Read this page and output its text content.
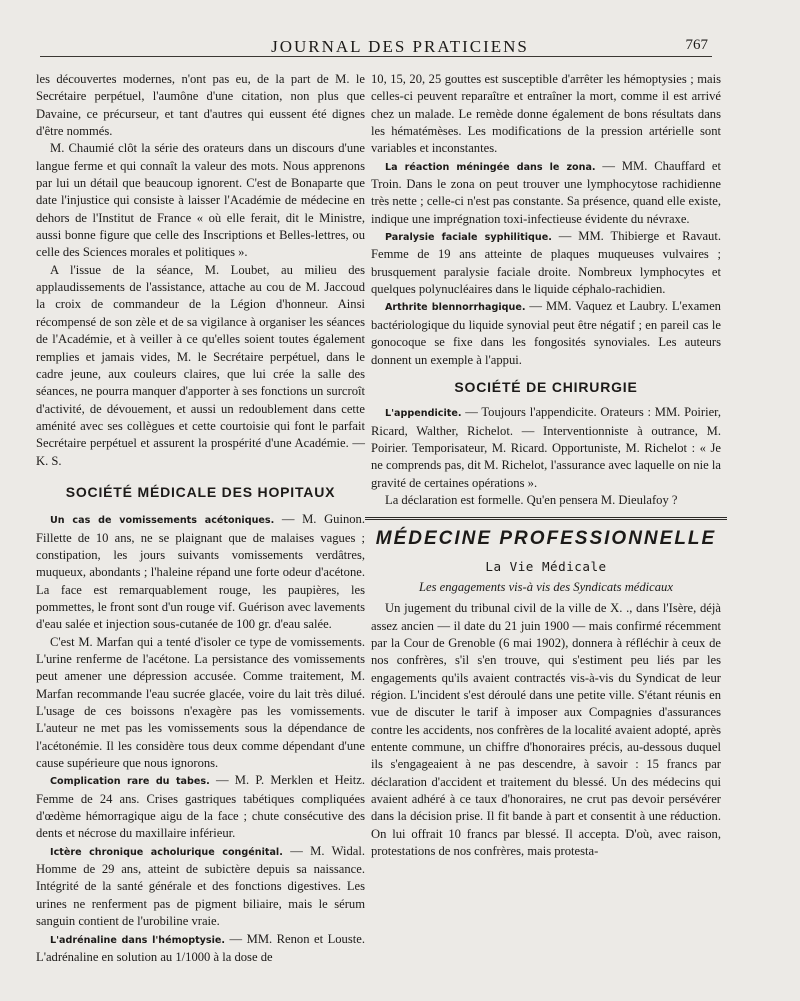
JOURNAL DES PRATICIENS	767

les découvertes modernes, n'ont pas eu, de la part de M. le Secrétaire perpétuel, l'aumône d'une citation, non plus que Davaine, ce précurseur, et tant d'autres qui eussent été dignes d'être nommés.

M. Chaumié clôt la série des orateurs dans un discours d'une langue ferme et qui connaît la valeur des mots. Nous apprenons par lui un détail que beaucoup ignorent. C'est de Bonaparte que date l'injustice qui consiste à laisser l'Académie de médecine en dehors de l'Institut de France « où elle ferait, dit le Ministre, aussi bonne figure que celle des Inscriptions et Belles-lettres, ou celle des Sciences morales et politiques ».

A l'issue de la séance, M. Loubet, au milieu des applaudissements de l'assistance, attache au cou de M. Jaccoud la croix de commandeur de la Légion d'honneur. Ainsi récompensé de son zèle et de sa vigilance à organiser les séances de l'Académie, et à veiller à ce qu'elles soient toutes également remplies et jamais vides, M. le Secrétaire perpétuel, dans le cadre jeune, aux couleurs claires, que lui crée la salle des séances, ne pourra manquer d'apporter à ses fonctions un surcroît d'activité, de dévouement, et aussi un redoublement dans cette aménité avec ses collègues et cette courtoisie qui font le parfait Secrétaire perpétuel et assurent la prospérité d'une Académie. — K. S.

SOCIÉTÉ MÉDICALE DES HOPITAUX

Un cas de vomissements acétoniques. — M. Guinon. Fillette de 10 ans, ne se plaignant que de malaises vagues ; constipation, les jours suivants vomissements verdâtres, muqueux, abondants ; l'haleine répand une forte odeur d'acétone. La face est remarquablement rouge, les paupières, les pommettes, le front sont d'un rouge vif. Guérison avec lavements d'eau salée et injection sous-cutanée de 100 gr. d'eau salée.

C'est M. Marfan qui a tenté d'isoler ce type de vomissements. L'urine renferme de l'acétone. La persistance des vomissements peut amener une dépression accusée. Comme traitement, M. Marfan recommande l'eau sucrée glacée, voire du lait très dilué. L'usage de ces boissons n'exagère pas les vomissements. L'auteur ne met pas les vomissements sous la dépendance de l'acétonémie. Il les considère tous deux comme dépendant d'une cause supérieure que nous ignorons.

Complication rare du tabes. — M. P. Merklen et Heitz. Femme de 24 ans. Crises gastriques tabétiques compliquées d'œdème hémorragique aigu de la face ; chute consécutive des dents et nécrose du maxillaire inférieur.

Ictère chronique acholurique congénital. — M. Widal. Homme de 29 ans, atteint de subictère depuis sa naissance. Intégrité de la santé générale et des fonctions digestives. Les urines ne renferment pas de pigment biliaire, mais le sérum sanguin contient de l'urobiline vraie.

L'adrénaline dans l'hémoptysie. — MM. Renon et Louste. L'adrénaline en solution au 1/1000 à la dose de

10, 15, 20, 25 gouttes est susceptible d'arrêter les hémoptysies ; mais celles-ci peuvent reparaître et entraîner la mort, comme il est arrivé chez un malade. Le remède donne également de bons résultats dans les hématémèses. Les modifications de la pression artérielle sont variables et inconstantes.

La réaction méningée dans le zona. — MM. Chauffard et Troin. Dans le zona on peut trouver une lymphocytose rachidienne très nette ; celle-ci n'est pas constante. Sa présence, quand elle existe, indique une imprégnation toxi-infectieuse évidente du névraxe.

Paralysie faciale syphilitique. — MM. Thibierge et Ravaut. Femme de 19 ans atteinte de plaques muqueuses vulvaires ; brusquement paralysie faciale droite. Nombreux lymphocytes et quelques polynucléaires dans le liquide céphalo-rachidien.

Arthrite blennorrhagique. — MM. Vaquez et Laubry. L'examen bactériologique du liquide synovial peut être négatif ; en pareil cas le gonocoque se fixe dans les fongosités synoviales. Les auteurs donnent un exemple à l'appui.

SOCIÉTÉ DE CHIRURGIE

L'appendicite. — Toujours l'appendicite. Orateurs : MM. Poirier, Ricard, Walther, Richelot. — Interventionniste à outrance, M. Poirier. Temporisateur, M. Ricard. Opportuniste, M. Richelot : « Je ne comprends pas, dit M. Richelot, l'assurance avec laquelle on nie la gravité de certaines opérations ».

La déclaration est formelle. Qu'en pensera M. Dieulafoy ?

MÉDECINE PROFESSIONNELLE
La Vie Médicale
Les engagements vis-à vis des Syndicats médicaux

Un jugement du tribunal civil de la ville de X. ., dans l'Isère, déjà assez ancien — il date du 21 juin 1900 — mais confirmé récemment par la Cour de Grenoble (6 mai 1902), donnera à réfléchir à ceux de nos confrères, s'il s'en trouve, qui s'estiment peu liés par les engagements qu'ils avaient contractés vis-à-vis du Syndicat de leur région. L'incident s'est déroulé dans une petite ville. S'étant réunis en vue de discuter le tarif à imposer aux Compagnies d'assurances contre les accidents, nos confrères de la localité avaient adopté, après entente commune, un chiffre d'honoraires précis, au-dessous duquel ils s'engageaient à ne pas descendre, à savoir : 15 francs par déclaration d'accident et traitement du blessé. Un des médecins qui avaient adhéré à ce taux d'honoraires, ne crut pas devoir persévérer dans la décision prise. Il fit bande à part et consentit à une réduction. On lui offrait 10 francs par blessé. Il accepta. D'où, avec raison, protestations de nos confrères, mais protesta-
